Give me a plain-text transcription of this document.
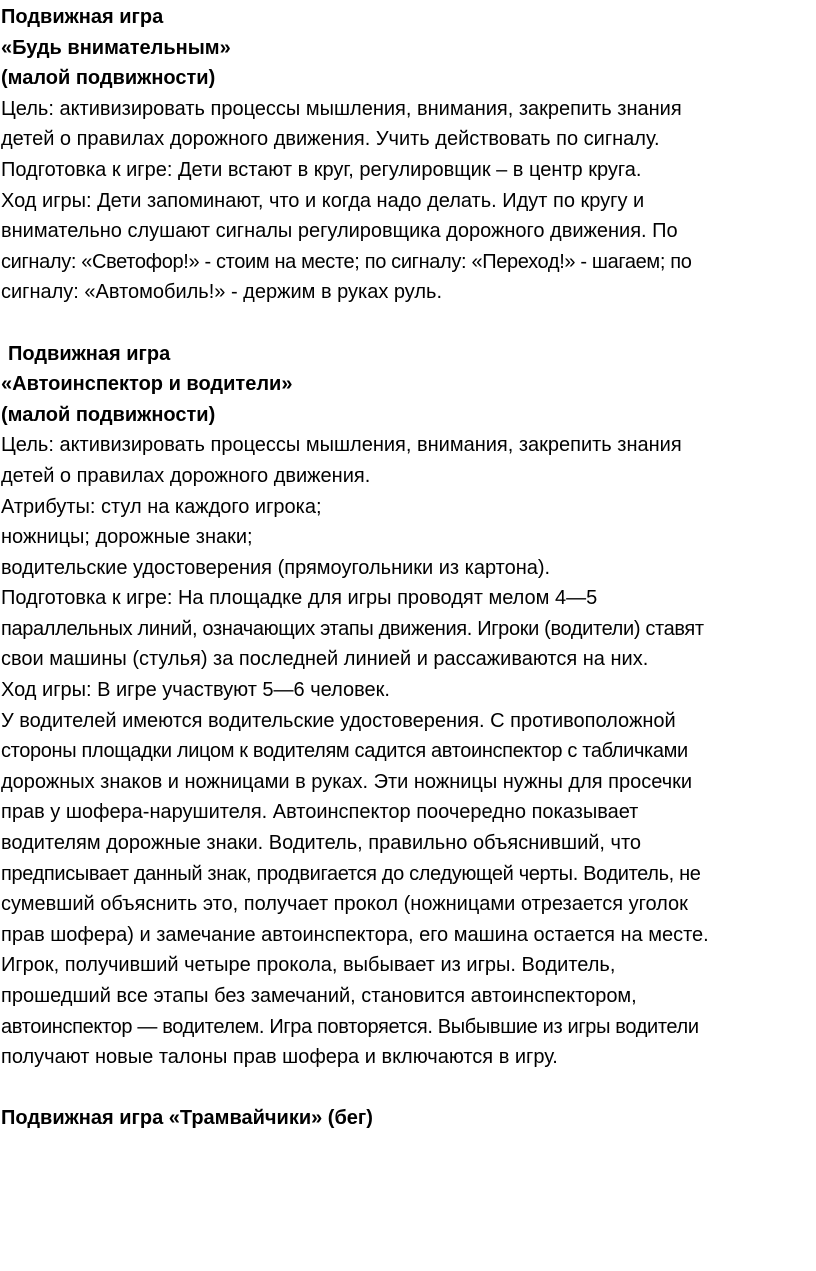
Подвижная игра

«Будь внимательным»

(малой подвижности)

Цель: активизировать процессы мышления, внимания, закрепить знания

детей о правилах дорожного движения. Учить действовать по сигналу.

Подготовка к игре: Дети встают в круг, регулировщик – в центр круга.

Ход игры: Дети запоминают, что и когда надо делать. Идут по кругу и

внимательно слушают сигналы регулировщика дорожного движения. По

сигналу: «Светофор!» - стоим на месте; по сигналу: «Переход!» - шагаем; по

сигналу: «Автомобиль!» - держим в руках руль.

Подвижная игра

«Автоинспектор и водители»

(малой подвижности)

Цель: активизировать процессы мышления, внимания, закрепить знания

детей о правилах дорожного движения.

Атрибуты: стул на каждого игрока;

ножницы; дорожные знаки;

водительские удостоверения (прямоугольники из картона).

Подготовка к игре: На площадке для игры проводят мелом 4—5

параллельных линий, означающих этапы движения. Игроки (водители) ставят

свои машины (стулья) за последней линией и рассаживаются на них.

Ход игры: В игре участвуют 5—6 человек.

У водителей имеются водительские удостоверения. С противоположной

стороны площадки лицом к водителям садится автоинспектор с табличками

дорожных знаков и ножницами в руках. Эти ножницы нужны для просечки

прав у шофера-нарушителя. Автоинспектор поочередно показывает

водителям дорожные знаки. Водитель, правильно объяснивший, что

предписывает данный знак, продвигается до следующей черты. Водитель, не

сумевший объяснить это, получает прокол (ножницами отрезается уголок

прав шофера) и замечание автоинспектора, его машина остается на месте.

Игрок, получивший четыре прокола, выбывает из игры. Водитель,

прошедший все этапы без замечаний, становится автоинспектором,

автоинспектор — водителем. Игра повторяется. Выбывшие из игры водители

получают новые талоны прав шофера и включаются в игру.

Подвижная игра «Трамвайчики» (бег)
